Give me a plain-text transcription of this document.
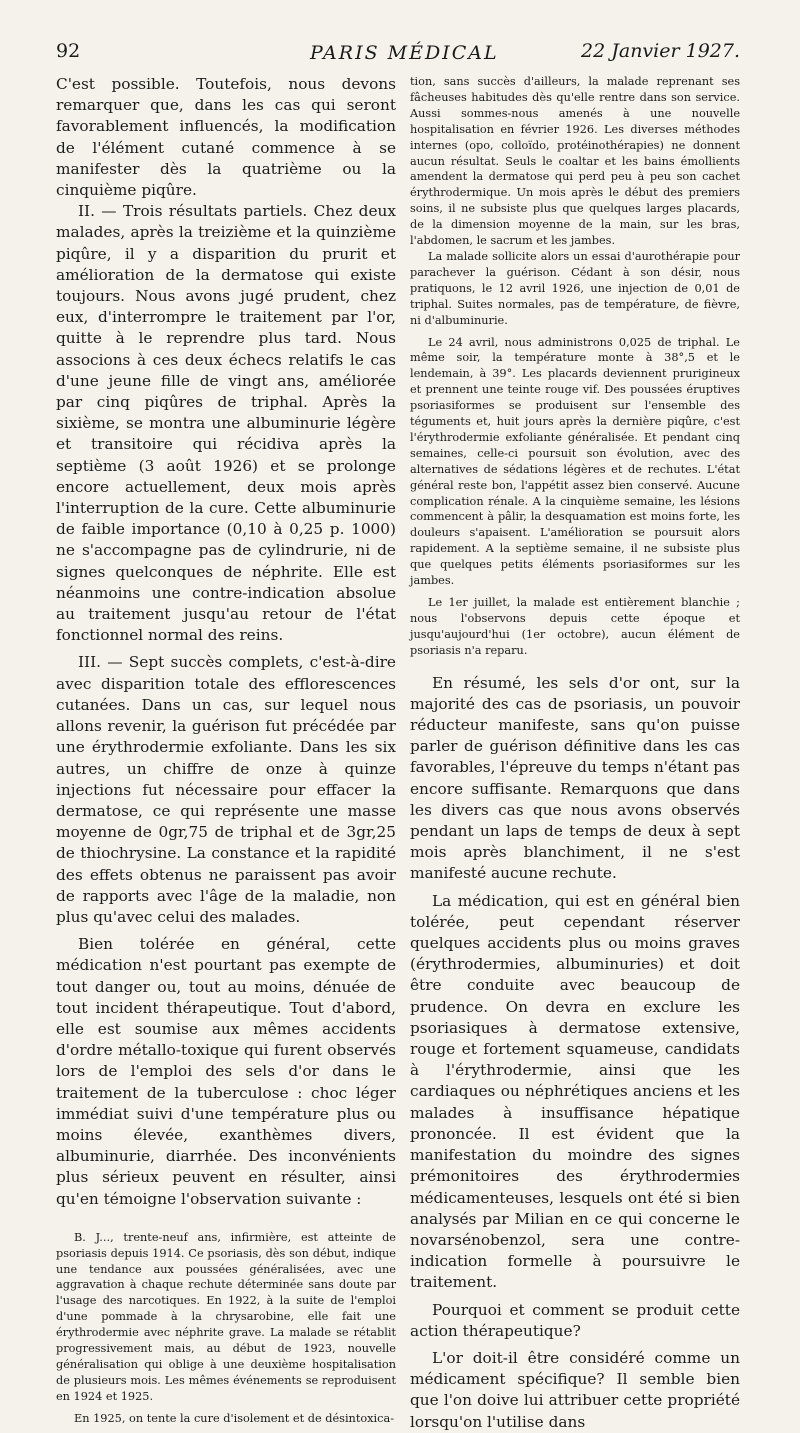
92	PARIS MÉDICAL	22 Janvier 1927.

C'est possible. Toutefois, nous devons remarquer que, dans les cas qui seront favorablement influencés, la modification de l'élément cutané commence à se manifester dès la quatrième ou la cinquième piqûre.

II. — Trois résultats partiels. Chez deux malades, après la treizième et la quinzième piqûre, il y a disparition du prurit et amélioration de la dermatose qui existe toujours. Nous avons jugé prudent, chez eux, d'interrompre le traitement par l'or, quitte à le reprendre plus tard. Nous associons à ces deux échecs relatifs le cas d'une jeune fille de vingt ans, améliorée par cinq piqûres de triphal. Après la sixième, se montra une albuminurie légère et transitoire qui récidiva après la septième (3 août 1926) et se prolonge encore actuellement, deux mois après l'interruption de la cure. Cette albuminurie de faible importance (0,10 à 0,25 p. 1000) ne s'accompagne pas de cylindrurie, ni de signes quelconques de néphrite. Elle est néanmoins une contre-indication absolue au traitement jusqu'au retour de l'état fonctionnel normal des reins.

III. — Sept succès complets, c'est-à-dire avec disparition totale des efflorescences cutanées. Dans un cas, sur lequel nous allons revenir, la guérison fut précédée par une érythrodermie exfoliante. Dans les six autres, un chiffre de onze à quinze injections fut nécessaire pour effacer la dermatose, ce qui représente une masse moyenne de 0gr,75 de triphal et de 3gr,25 de thiochrysine. La constance et la rapidité des effets obtenus ne paraissent pas avoir de rapports avec l'âge de la maladie, non plus qu'avec celui des malades.

Bien tolérée en général, cette médication n'est pourtant pas exempte de tout danger ou, tout au moins, dénuée de tout incident thérapeutique. Tout d'abord, elle est soumise aux mêmes accidents d'ordre métallo-toxique qui furent observés lors de l'emploi des sels d'or dans le traitement de la tuberculose : choc léger immédiat suivi d'une température plus ou moins élevée, exanthèmes divers, albuminurie, diarrhée. Des inconvénients plus sérieux peuvent en résulter, ainsi qu'en témoigne l'observation suivante :

B. J..., trente-neuf ans, infirmière, est atteinte de psoriasis depuis 1914. Ce psoriasis, dès son début, indique une tendance aux poussées généralisées, avec une aggravation à chaque rechute déterminée sans doute par l'usage des narcotiques. En 1922, à la suite de l'emploi d'une pommade à la chrysarobine, elle fait une érythrodermie avec néphrite grave. La malade se rétablit progressivement mais, au début de 1923, nouvelle généralisation qui oblige à une deuxième hospitalisation de plusieurs mois. Les mêmes événements se reproduisent en 1924 et 1925.

En 1925, on tente la cure d'isolement et de désintoxica-

tion, sans succès d'ailleurs, la malade reprenant ses fâcheuses habitudes dès qu'elle rentre dans son service. Aussi sommes-nous amenés à une nouvelle hospitalisation en février 1926. Les diverses méthodes internes (opo, colloïdo, protéinothérapies) ne donnent aucun résultat. Seuls le coaltar et les bains émollients amendent la dermatose qui perd peu à peu son cachet érythrodermique. Un mois après le début des premiers soins, il ne subsiste plus que quelques larges placards, de la dimension moyenne de la main, sur les bras, l'abdomen, le sacrum et les jambes.

La malade sollicite alors un essai d'aurothérapie pour parachever la guérison. Cédant à son désir, nous pratiquons, le 12 avril 1926, une injection de 0,01 de triphal. Suites normales, pas de température, de fièvre, ni d'albuminurie.

Le 24 avril, nous administrons 0,025 de triphal. Le même soir, la température monte à 38°,5 et le lendemain, à 39°. Les placards deviennent prurigineux et prennent une teinte rouge vif. Des poussées éruptives psoriasiformes se produisent sur l'ensemble des téguments et, huit jours après la dernière piqûre, c'est l'érythrodermie exfoliante généralisée. Et pendant cinq semaines, celle-ci poursuit son évolution, avec des alternatives de sédations légères et de rechutes. L'état général reste bon, l'appétit assez bien conservé. Aucune complication rénale. A la cinquième semaine, les lésions commencent à pâlir, la desquamation est moins forte, les douleurs s'apaisent. L'amélioration se poursuit alors rapidement. A la septième semaine, il ne subsiste plus que quelques petits éléments psoriasiformes sur les jambes.

Le 1er juillet, la malade est entièrement blanchie ; nous l'observons depuis cette époque et jusqu'aujourd'hui (1er octobre), aucun élément de psoriasis n'a reparu.

En résumé, les sels d'or ont, sur la majorité des cas de psoriasis, un pouvoir réducteur manifeste, sans qu'on puisse parler de guérison définitive dans les cas favorables, l'épreuve du temps n'étant pas encore suffisante. Remarquons que dans les divers cas que nous avons observés pendant un laps de temps de deux à sept mois après blanchiment, il ne s'est manifesté aucune rechute.

La médication, qui est en général bien tolérée, peut cependant réserver quelques accidents plus ou moins graves (érythrodermies, albuminuries) et doit être conduite avec beaucoup de prudence. On devra en exclure les psoriasiques à dermatose extensive, rouge et fortement squameuse, candidats à l'érythrodermie, ainsi que les cardiaques ou néphrétiques anciens et les malades à insuffisance hépatique prononcée. Il est évident que la manifestation du moindre des signes prémonitoires des érythrodermies médicamenteuses, lesquels ont été si bien analysés par Milian en ce qui concerne le novarsénobenzol, sera une contre-indication formelle à poursuivre le traitement.

Pourquoi et comment se produit cette action thérapeutique?

L'or doit-il être considéré comme un médicament spécifique? Il semble bien que l'on doive lui attribuer cette propriété lorsqu'on l'utilise dans
